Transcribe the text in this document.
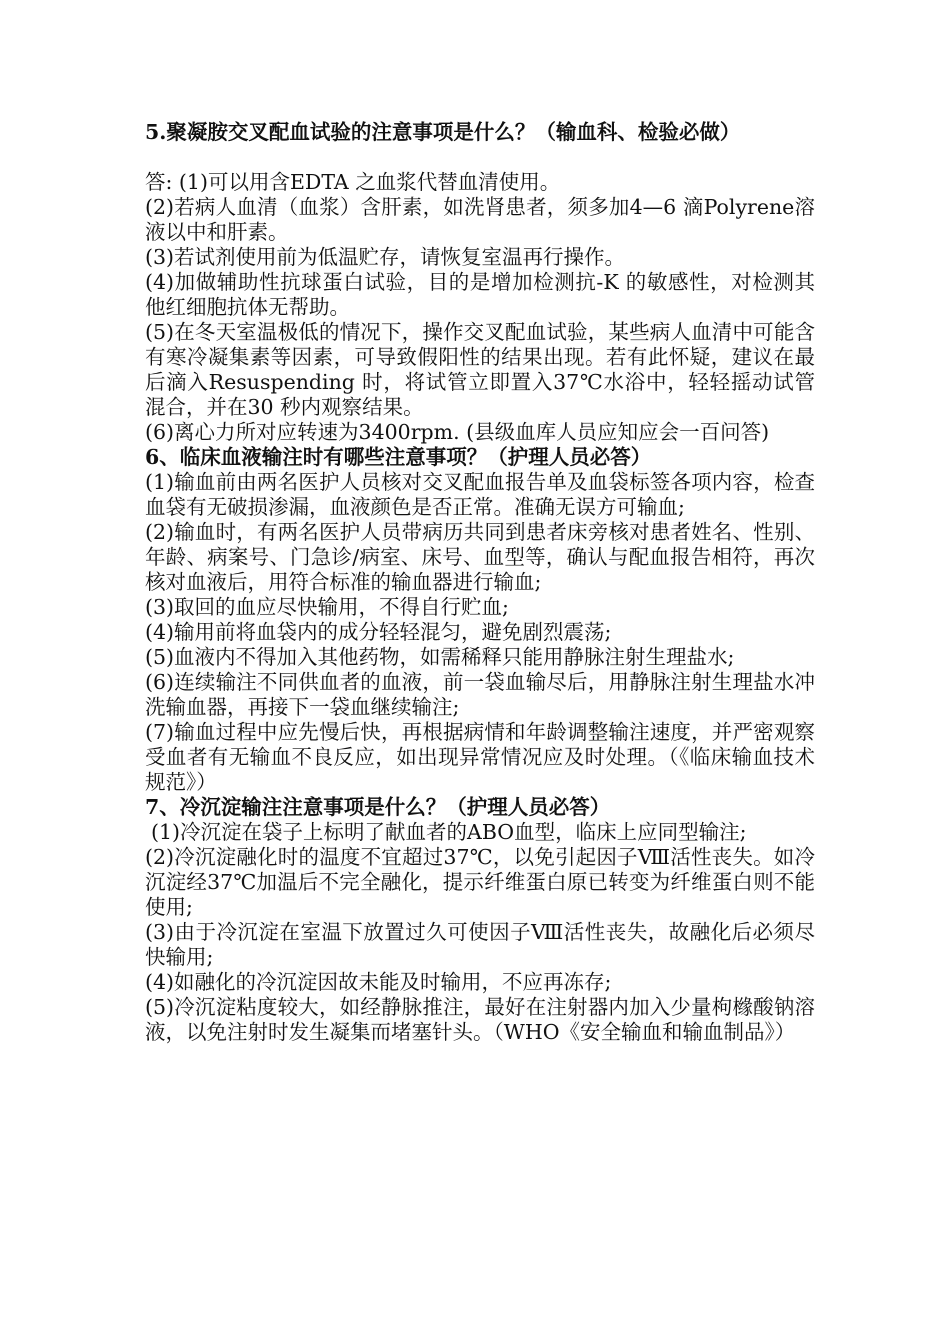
5.聚凝胺交叉配血试验的注意事项是什么？（输血科、检验必做）

答: (1)可以用含EDTA 之血浆代替血清使用。

(2)若病人血清（血浆）含肝素，如洗肾患者，须多加4—6 滴Polyrene溶液以中和肝素。

(3)若试剂使用前为低温贮存，请恢复室温再行操作。

(4)加做辅助性抗球蛋白试验，目的是增加检测抗-K 的敏感性，对检测其他红细胞抗体无帮助。

(5)在冬天室温极低的情况下，操作交叉配血试验，某些病人血清中可能含有寒冷凝集素等因素，可导致假阳性的结果出现。若有此怀疑，建议在最后滴入Resuspending 时，将试管立即置入37℃水浴中，轻轻摇动试管混合，并在30 秒内观察结果。

(6)离心力所对应转速为3400rpm. (县级血库人员应知应会一百问答)

6、临床血液输注时有哪些注意事项？（护理人员必答）

(1)输血前由两名医护人员核对交叉配血报告单及血袋标签各项内容，检查血袋有无破损渗漏，血液颜色是否正常。准确无误方可输血;

(2)输血时，有两名医护人员带病历共同到患者床旁核对患者姓名、性别、年龄、病案号、门急诊/病室、床号、血型等，确认与配血报告相符，再次核对血液后，用符合标准的输血器进行输血;

(3)取回的血应尽快输用，不得自行贮血;

(4)输用前将血袋内的成分轻轻混匀，避免剧烈震荡;

(5)血液内不得加入其他药物，如需稀释只能用静脉注射生理盐水;

(6)连续输注不同供血者的血液，前一袋血输尽后，用静脉注射生理盐水冲洗输血器，再接下一袋血继续输注;

(7)输血过程中应先慢后快，再根据病情和年龄调整输注速度，并严密观察受血者有无输血不良反应，如出现异常情况应及时处理。（《临床输血技术规范》）

7、冷沉淀输注注意事项是什么？（护理人员必答）

(1)冷沉淀在袋子上标明了献血者的ABO血型，临床上应同型输注;

(2)冷沉淀融化时的温度不宜超过37℃，以免引起因子Ⅷ活性丧失。如冷沉淀经37℃加温后不完全融化，提示纤维蛋白原已转变为纤维蛋白则不能使用;

(3)由于冷沉淀在室温下放置过久可使因子Ⅷ活性丧失，故融化后必须尽快输用;

(4)如融化的冷沉淀因故未能及时输用，不应再冻存;

(5)冷沉淀粘度较大，如经静脉推注，最好在注射器内加入少量枸橼酸钠溶液，以免注射时发生凝集而堵塞针头。（WHO《安全输血和输血制品》）
